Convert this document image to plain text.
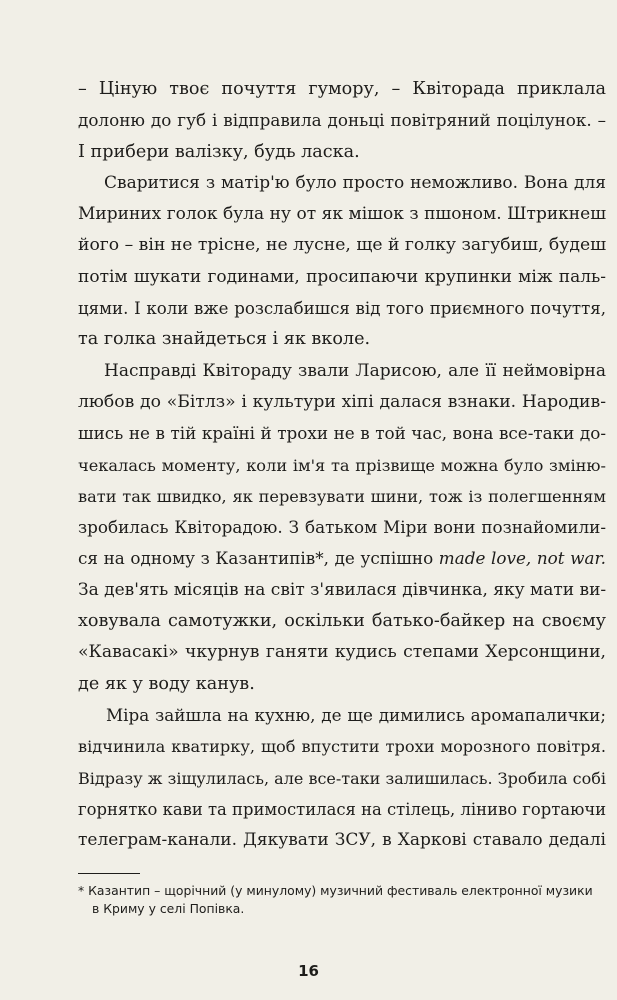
– Ціную твоє почуття гумору, – Квіторада приклала
долоню до губ і відправила доньці повітряний поцілунок. –
І прибери валізку, будь ласка.
Сваритися з матір'ю було просто неможливо. Вона для
Мириних голок була ну от як мішок з пшоном. Штрикнеш
його – він не трісне, не лусне, ще й голку загубиш, будеш
потім шукати годинами, просипаючи крупинки між паль-
цями. І коли вже розслабишся від того приємного почуття,
та голка знайдеться і як вколе.
Насправді Квітораду звали Ларисою, але її неймовірна
любов до «Бітлз» і культури хіпі далася взнаки. Народив-
шись не в тій країні й трохи не в той час, вона все-таки до-
чекалась моменту, коли ім'я та прізвище можна було зміню-
вати так швидко, як перевзувати шини, тож із полегшенням
зробилась Квіторадою. З батьком Міри вони познайомили-
ся на одному з Казантипів*, де успішно made love, not war.
За дев'ять місяців на світ з'явилася дівчинка, яку мати ви-
ховувала самотужки, оскільки батько-байкер на своєму
«Кавасакі» чкурнув ганяти кудись степами Херсонщини,
де як у воду канув.
Міра зайшла на кухню, де ще димились аромапалички;
відчинила кватирку, щоб впустити трохи морозного повітря.
Відразу ж зіщулилась, але все-таки залишилась. Зробила собі
горнятко кави та примостилася на стілець, ліниво гортаючи
телеграм-канали. Дякувати ЗСУ, в Харкові ставало дедалі
* Казантип – щорічний (у минулому) музичний фестиваль електронної музики
в Криму у селі Попівка.
16
